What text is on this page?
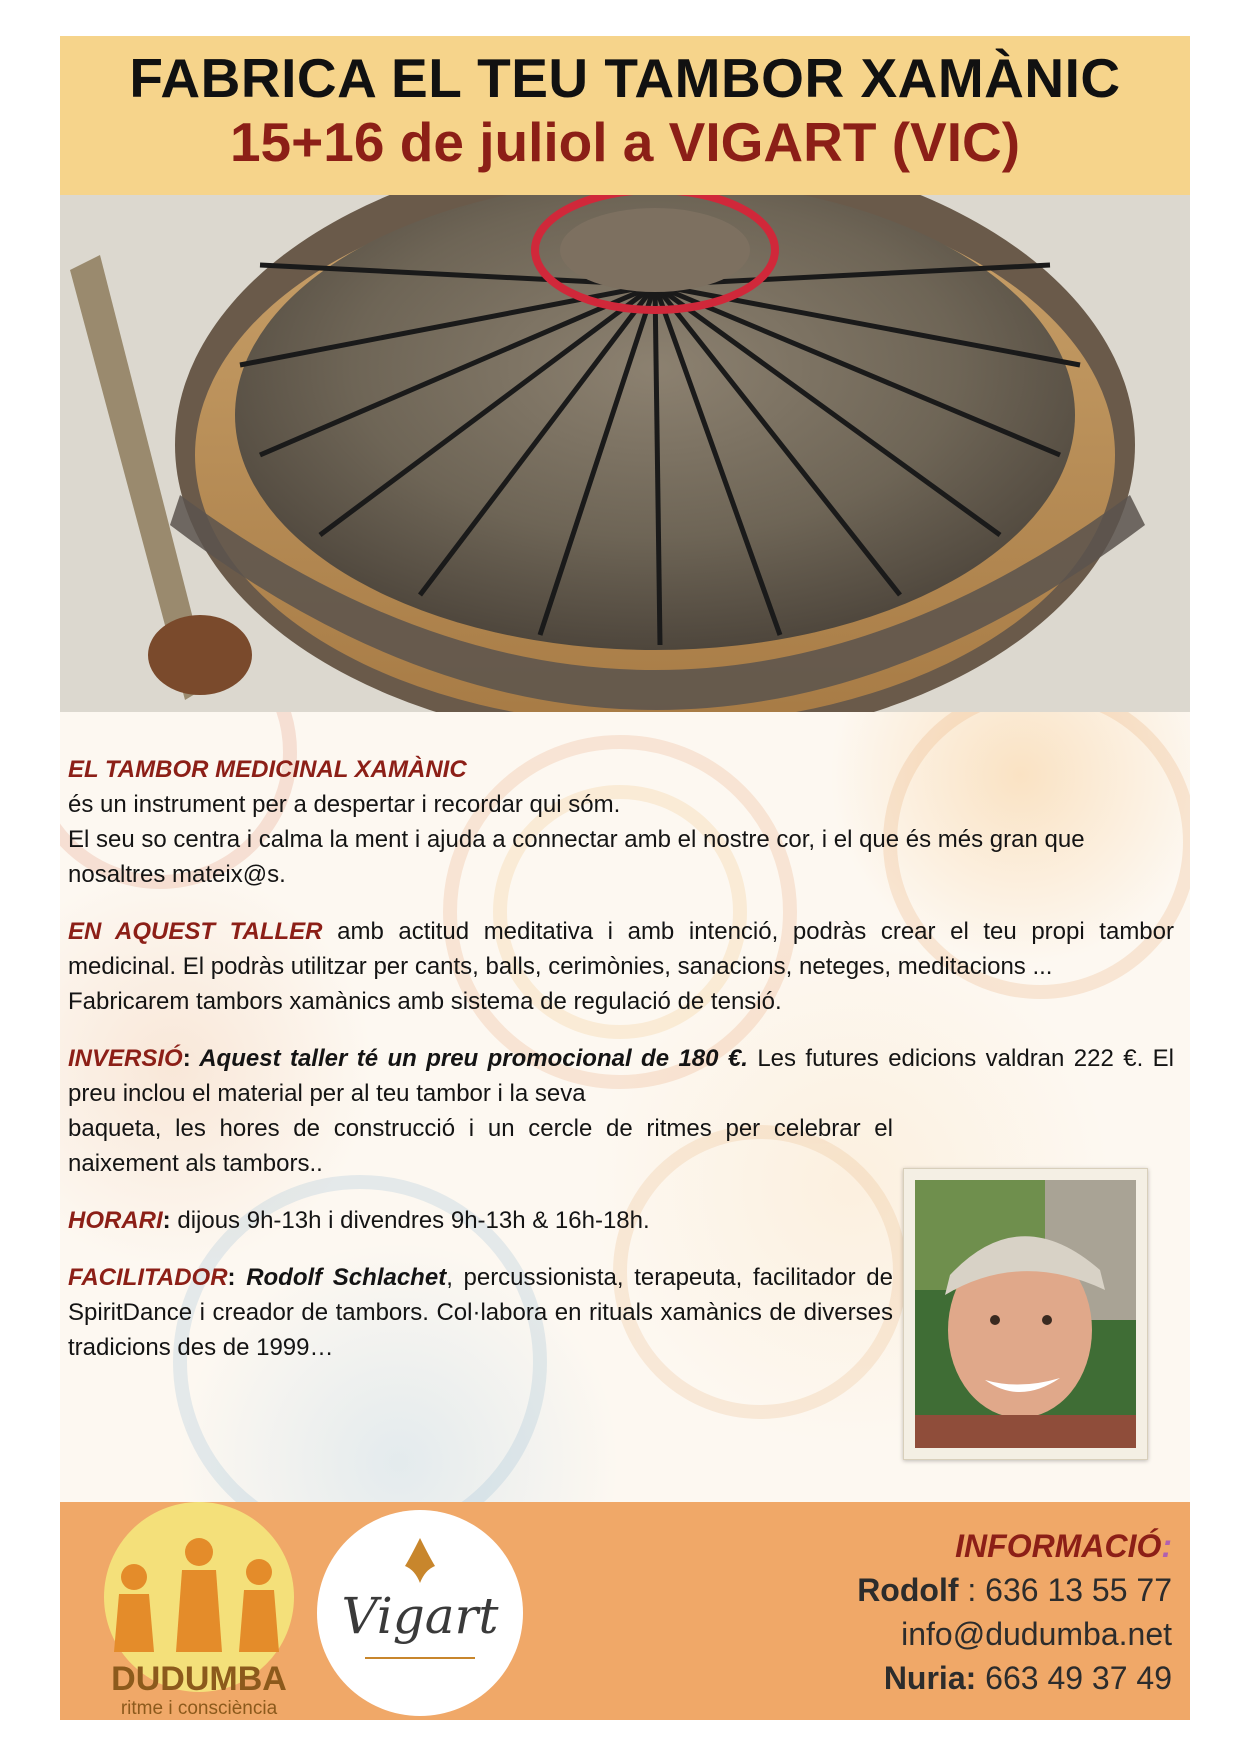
FABRICA EL TEU TAMBOR XAMÀNIC
15+16 de juliol a VIGART (VIC)
EL TAMBOR MEDICINAL XAMÀNIC
és un instrument per a despertar i recordar qui sóm.
El seu so centra i calma la ment i ajuda a connectar amb el nostre cor, i el que és més gran que nosaltres mateix@s.
EN AQUEST TALLER amb actitud meditativa i amb intenció, podràs crear el teu propi tambor medicinal. El podràs utilitzar per cants, balls, cerimònies, sanacions, neteges, meditacions ...
Fabricarem tambors xamànics amb sistema de regulació de tensió.
INVERSIÓ: Aquest taller té un preu promocional de 180 €. Les futures edicions valdran 222 €. El preu inclou el material per al teu tambor i la seva
baqueta, les hores de construcció i un cercle de ritmes per celebrar el naixement als tambors..
HORARI: dijous 9h-13h i divendres 9h-13h & 16h-18h.
FACILITADOR: Rodolf Schlachet, percussionista, terapeuta, facilitador de SpiritDance i creador de tambors. Col·labora en rituals xamànics de diverses tradicions des de 1999…
DUDUMBA
ritme i consciència
Vigart
INFORMACIÓ:
Rodolf : 636 13 55 77
info@dudumba.net
Nuria: 663 49 37 49
